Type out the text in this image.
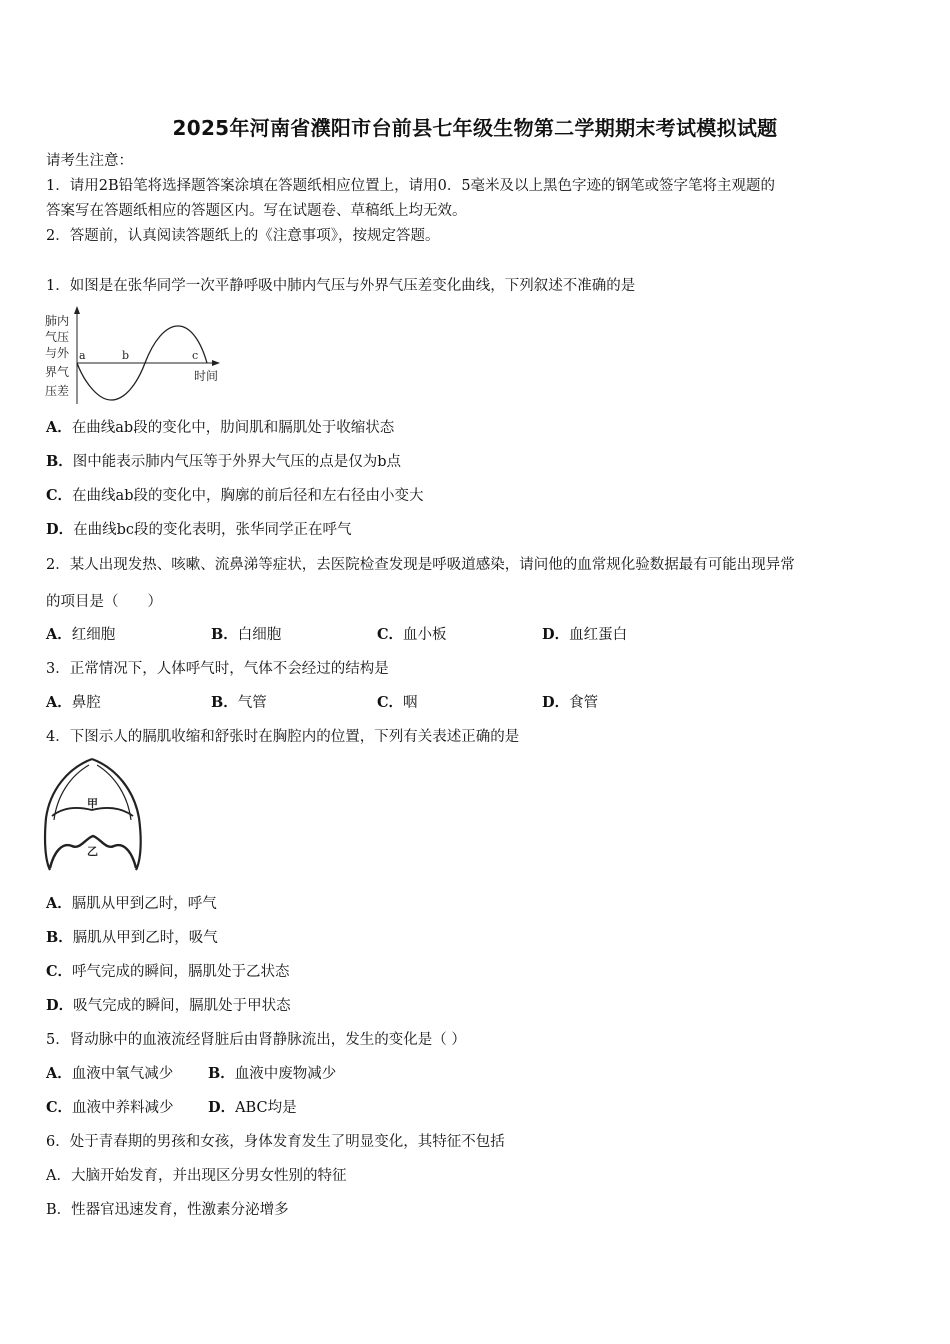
2025年河南省濮阳市台前县七年级生物第二学期期末考试模拟试题
请考生注意：
1．请用2B铅笔将选择题答案涂填在答题纸相应位置上，请用0．5毫米及以上黑色字迹的钢笔或签字笔将主观题的
答案写在答题纸相应的答题区内。写在试题卷、草稿纸上均无效。
2．答题前，认真阅读答题纸上的《注意事项》，按规定答题。
1．如图是在张华同学一次平静呼吸中肺内气压与外界气压差变化曲线，下列叙述不准确的是
肺内
气压
与外
界气
压差
a	b	c
时间
A．在曲线ab段的变化中，肋间肌和膈肌处于收缩状态
B．图中能表示肺内气压等于外界大气压的点是仅为b点
C．在曲线ab段的变化中，胸廓的前后径和左右径由小变大
D．在曲线bc段的变化表明，张华同学正在呼气
2．某人出现发热、咳嗽、流鼻涕等症状，去医院检查发现是呼吸道感染，请问他的血常规化验数据最有可能出现异常
的项目是（　　）
A．红细胞	B．白细胞	C．血小板	D．血红蛋白
3．正常情况下，人体呼气时，气体不会经过的结构是
A．鼻腔	B．气管	C．咽	D．食管
4．下图示人的膈肌收缩和舒张时在胸腔内的位置，下列有关表述正确的是
甲
乙
A．膈肌从甲到乙时，呼气
B．膈肌从甲到乙时，吸气
C．呼气完成的瞬间，膈肌处于乙状态
D．吸气完成的瞬间，膈肌处于甲状态
5．肾动脉中的血液流经肾脏后由肾静脉流出，发生的变化是（ ）
A．血液中氧气减少 B．血液中废物减少
C．血液中养料减少 D．ABC均是
6．处于青春期的男孩和女孩，身体发育发生了明显变化，其特征不包括
A．大脑开始发育，并出现区分男女性别的特征
B．性器官迅速发育，性激素分泌增多
